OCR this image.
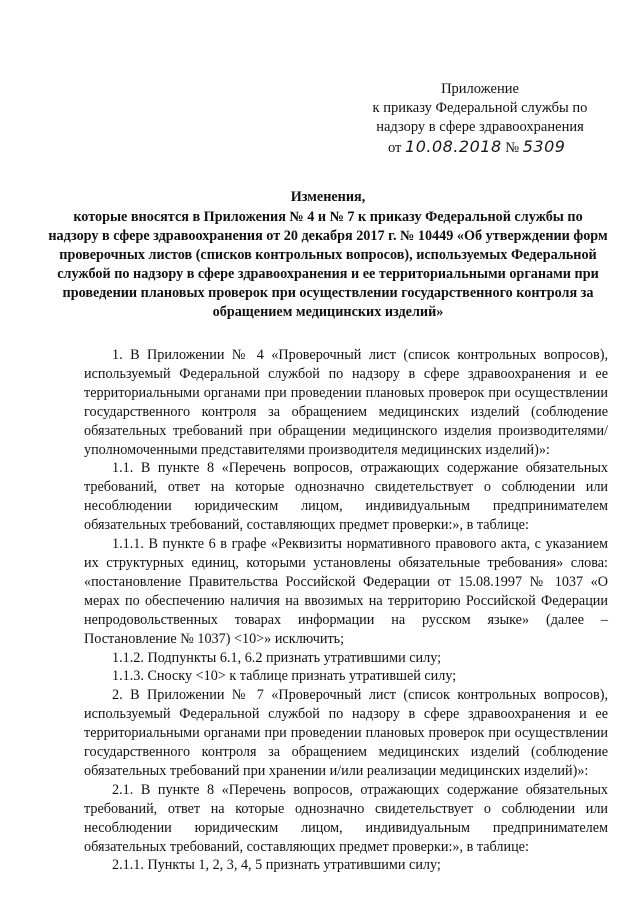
Приложение
к приказу Федеральной службы по
надзору в сфере здравоохранения
от 10.08.2018 № 5309
Изменения,
которые вносятся в Приложения № 4 и № 7 к приказу Федеральной службы по надзору в сфере здравоохранения от 20 декабря 2017 г. № 10449 «Об утверждении форм проверочных листов (списков контрольных вопросов), используемых Федеральной службой по надзору в сфере здравоохранения и ее территориальными органами при проведении плановых проверок при осуществлении государственного контроля за обращением медицинских изделий»

1. В Приложении № 4 «Проверочный лист (список контрольных вопросов), используемый Федеральной службой по надзору в сфере здравоохранения и ее территориальными органами при проведении плановых проверок при осуществлении государственного контроля за обращением медицинских изделий (соблюдение обязательных требований при обращении медицинского изделия производителями/уполномоченными представителями производителя медицинских изделий)»:

1.1. В пункте 8 «Перечень вопросов, отражающих содержание обязательных требований, ответ на которые однозначно свидетельствует о соблюдении или несоблюдении юридическим лицом, индивидуальным предпринимателем обязательных требований, составляющих предмет проверки:», в таблице:

1.1.1. В пункте 6 в графе «Реквизиты нормативного правового акта, с указанием их структурных единиц, которыми установлены обязательные требования» слова: «постановление Правительства Российской Федерации от 15.08.1997 № 1037 «О мерах по обеспечению наличия на ввозимых на территорию Российской Федерации непродовольственных товарах информации на русском языке» (далее – Постановление № 1037) <10>» исключить;

1.1.2. Подпункты 6.1, 6.2 признать утратившими силу;

1.1.3. Сноску <10> к таблице признать утратившей силу;

2. В Приложении № 7 «Проверочный лист (список контрольных вопросов), используемый Федеральной службой по надзору в сфере здравоохранения и ее территориальными органами при проведении плановых проверок при осуществлении государственного контроля за обращением медицинских изделий (соблюдение обязательных требований при хранении и/или реализации медицинских изделий)»:

2.1. В пункте 8 «Перечень вопросов, отражающих содержание обязательных требований, ответ на которые однозначно свидетельствует о соблюдении или несоблюдении юридическим лицом, индивидуальным предпринимателем обязательных требований, составляющих предмет проверки:», в таблице:

2.1.1. Пункты 1, 2, 3, 4, 5 признать утратившими силу;
